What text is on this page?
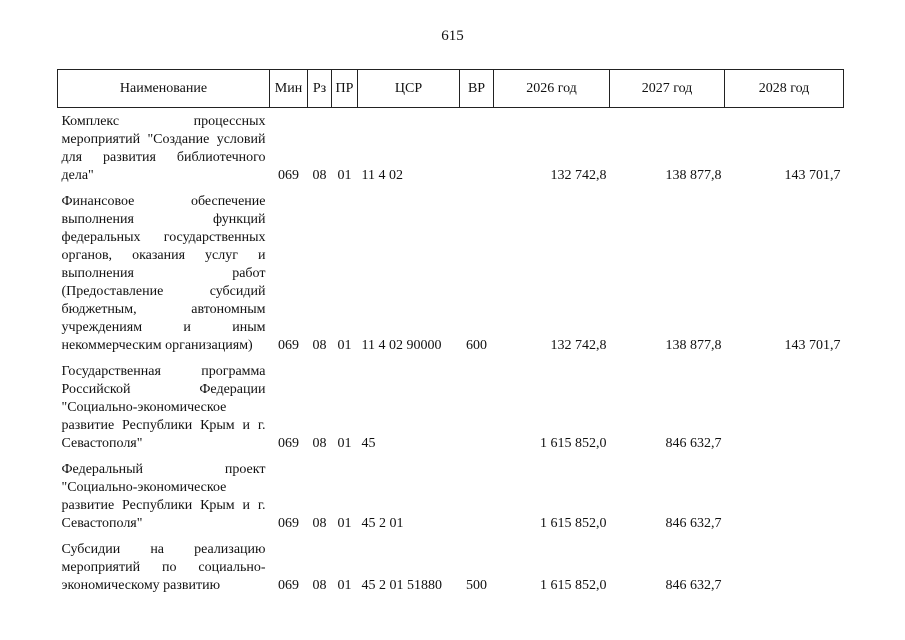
615
Наименование	Мин	Рз	ПР	ЦСР	ВР	2026 год	2027 год	2028 год
Комплекс процессных мероприятий "Создание условий для развития библиотечного дела"	069	08	01	11 4 02		132 742,8	138 877,8	143 701,7
Финансовое обеспечение выполнения функций федеральных государственных органов, оказания услуг и выполнения работ (Предоставление субсидий бюджетным, автономным учреждениям и иным некоммерческим организациям)	069	08	01	11 4 02 90000	600	132 742,8	138 877,8	143 701,7
Государственная программа Российской Федерации "Социально-экономическое развитие Республики Крым и г. Севастополя"	069	08	01	45		1 615 852,0	846 632,7	
Федеральный проект "Социально-экономическое развитие Республики Крым и г. Севастополя"	069	08	01	45 2 01		1 615 852,0	846 632,7	
Субсидии на реализацию мероприятий по социально-экономическому развитию	069	08	01	45 2 01 51880	500	1 615 852,0	846 632,7	
